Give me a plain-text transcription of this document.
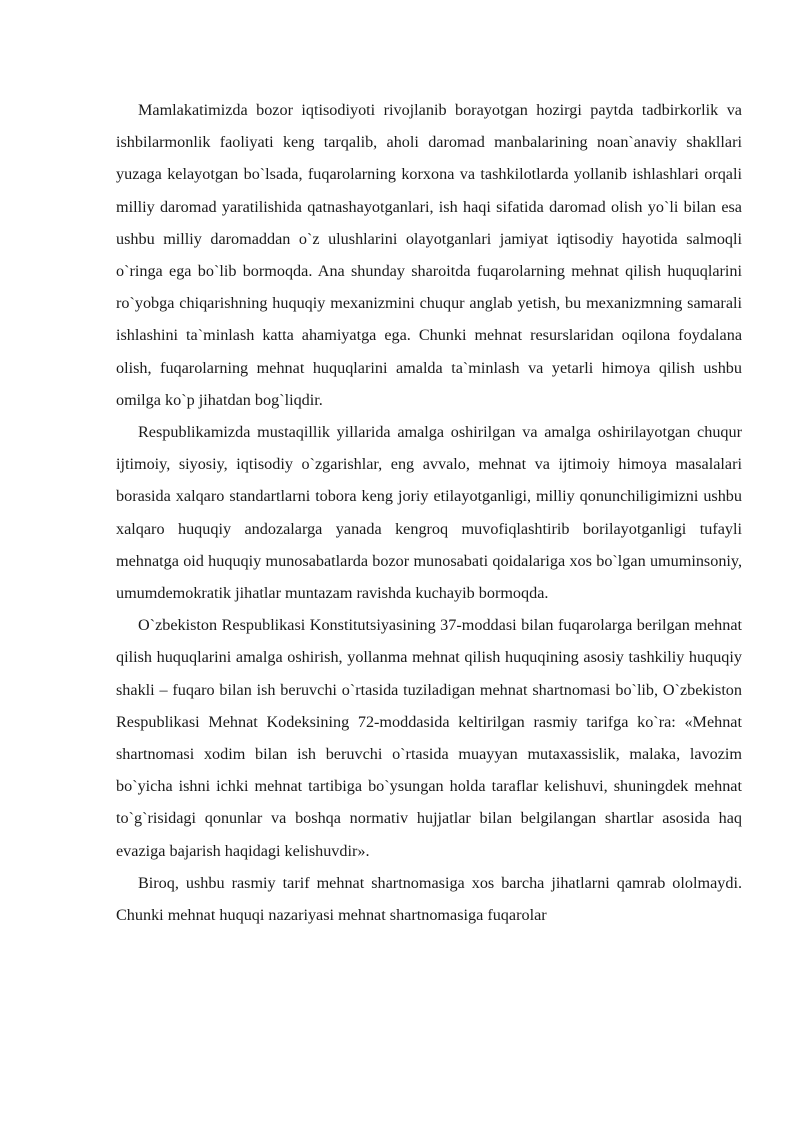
Mamlakatimizda bozor iqtisodiyoti rivojlanib borayotgan hozirgi paytda tadbirkorlik va ishbilarmonlik faoliyati keng tarqalib, aholi daromad manbalarining noan`anaviy shakllari yuzaga kelayotgan bo`lsada, fuqarolarning korxona va tashkilotlarda yollanib ishlashlari orqali milliy daromad yaratilishida qatnashayotganlari, ish haqi sifatida daromad olish yo`li bilan esa ushbu milliy daromaddan o`z ulushlarini olayotganlari jamiyat iqtisodiy hayotida salmoqli o`ringa ega bo`lib bormoqda. Ana shunday sharoitda fuqarolarning mehnat qilish huquqlarini ro`yobga chiqarishning huquqiy mexanizmini chuqur anglab yetish, bu mexanizmning samarali ishlashini ta`minlash katta ahamiyatga ega. Chunki mehnat resurslaridan oqilona foydalana olish, fuqarolarning mehnat huquqlarini amalda ta`minlash va yetarli himoya qilish ushbu omilga ko`p jihatdan bog`liqdir.

Respublikamizda mustaqillik yillarida amalga oshirilgan va amalga oshirilayotgan chuqur ijtimoiy, siyosiy, iqtisodiy o`zgarishlar, eng avvalo, mehnat va ijtimoiy himoya masalalari borasida xalqaro standartlarni tobora keng joriy etilayotganligi, milliy qonunchiligimizni ushbu xalqaro huquqiy andozalarga yanada kengroq muvofiqlashtirib borilayotganligi tufayli mehnatga oid huquqiy munosabatlarda bozor munosabati qoidalariga xos bo`lgan umuminsoniy, umumdemokratik jihatlar muntazam ravishda kuchayib bormoqda.

O`zbekiston Respublikasi Konstitutsiyasining 37-moddasi bilan fuqarolarga berilgan mehnat qilish huquqlarini amalga oshirish, yollanma mehnat qilish huquqining asosiy tashkiliy huquqiy shakli – fuqaro bilan ish beruvchi o`rtasida tuziladigan mehnat shartnomasi bo`lib, O`zbekiston Respublikasi Mehnat Kodeksining 72-moddasida keltirilgan rasmiy tarifga ko`ra: «Mehnat shartnomasi xodim bilan ish beruvchi o`rtasida muayyan mutaxassislik, malaka, lavozim bo`yicha ishni ichki mehnat tartibiga bo`ysungan holda taraflar kelishuvi, shuningdek mehnat to`g`risidagi qonunlar va boshqa normativ hujjatlar bilan belgilangan shartlar asosida haq evaziga bajarish haqidagi kelishuvdir».

Biroq, ushbu rasmiy tarif mehnat shartnomasiga xos barcha jihatlarni qamrab ololmaydi. Chunki mehnat huquqi nazariyasi mehnat shartnomasiga fuqarolar
